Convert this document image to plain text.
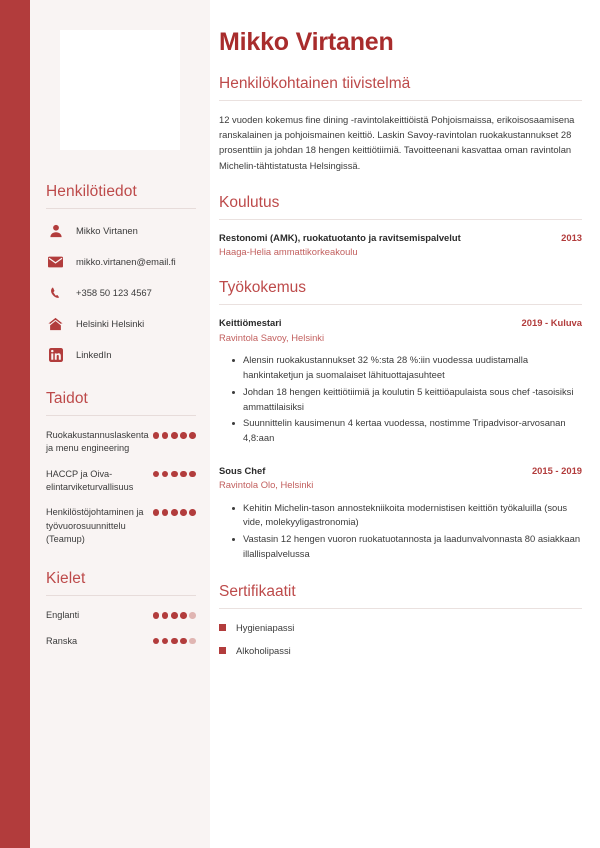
Henkilötiedot
Mikko Virtanen
mikko.virtanen@email.fi
+358 50 123 4567
Helsinki Helsinki
LinkedIn
Taidot
Ruokakustannuslaskenta ja menu engineering
HACCP ja Oiva-elintarviketurvallisuus
Henkilöstöjohtaminen ja työvuorosuunnittelu (Teamup)
Kielet
Englanti
Ranska
Mikko Virtanen
Henkilökohtainen tiivistelmä

12 vuoden kokemus fine dining -ravintolakeittiöistä Pohjoismaissa, erikoisosaamisena ranskalainen ja pohjoismainen keittiö. Laskin Savoy-ravintolan ruokakustannukset 28 prosenttiin ja johdan 18 hengen keittiötiimiä. Tavoitteenani kasvattaa oman ravintolan Michelin-tähtistatusta Helsingissä.

Koulutus
Restonomi (AMK), ruokatuotanto ja ravitsemispalvelut	2013
Haaga-Helia ammattikorkeakoulu
Työkokemus
Keittiömestari	2019 - Kuluva
Ravintola Savoy, Helsinki
Alensin ruokakustannukset 32 %:sta 28 %:iin vuodessa uudistamalla hankintaketjun ja suomalaiset lähituottajasuhteet
Johdan 18 hengen keittiötiimiä ja koulutin 5 keittiöapulaista sous chef -tasoisiksi ammattilaisiksi
Suunnittelin kausimenun 4 kertaa vuodessa, nostimme Tripadvisor-arvosanan 4,8:aan
Sous Chef	2015 - 2019
Ravintola Olo, Helsinki
Kehitin Michelin-tason annostekniikoita modernistisen keittiön työkaluilla (sous vide, molekyyligastronomia)
Vastasin 12 hengen vuoron ruokatuotannosta ja laadunvalvonnasta 80 asiakkaan illallispalvelussa
Sertifikaatit
Hygieniapassi
Alkoholipassi
